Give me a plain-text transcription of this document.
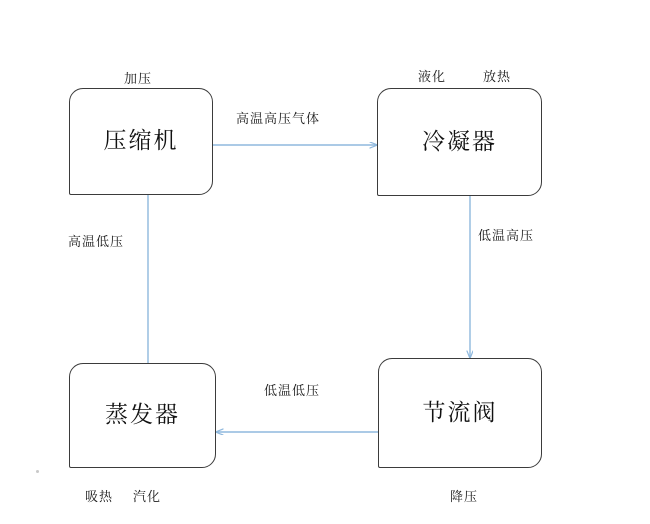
压缩机	冷凝器
节流阀
蒸发器
加压	液化	放热
吸热 汽化	降压
高温高压气体
低温高压
低温低压
高温低压
